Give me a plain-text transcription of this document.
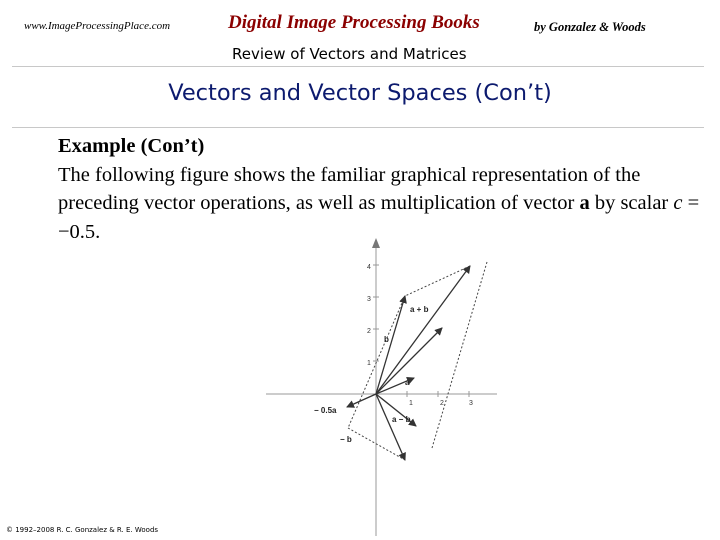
www.ImageProcessingPlace.com	Digital Image Processing Books	by Gonzalez & Woods
Review of Vectors and Matrices
Vectors and Vector Spaces (Con’t)
Example (Con’t)
The following figure shows the familiar graphical representation of the preceding vector operations, as well as multiplication of vector a by scalar c = −0.5.
1	2	3
1
2
3
4
a + b
b
a
a − b
− 0.5a
− b
© 1992–2008 R. C. Gonzalez & R. E. Woods
